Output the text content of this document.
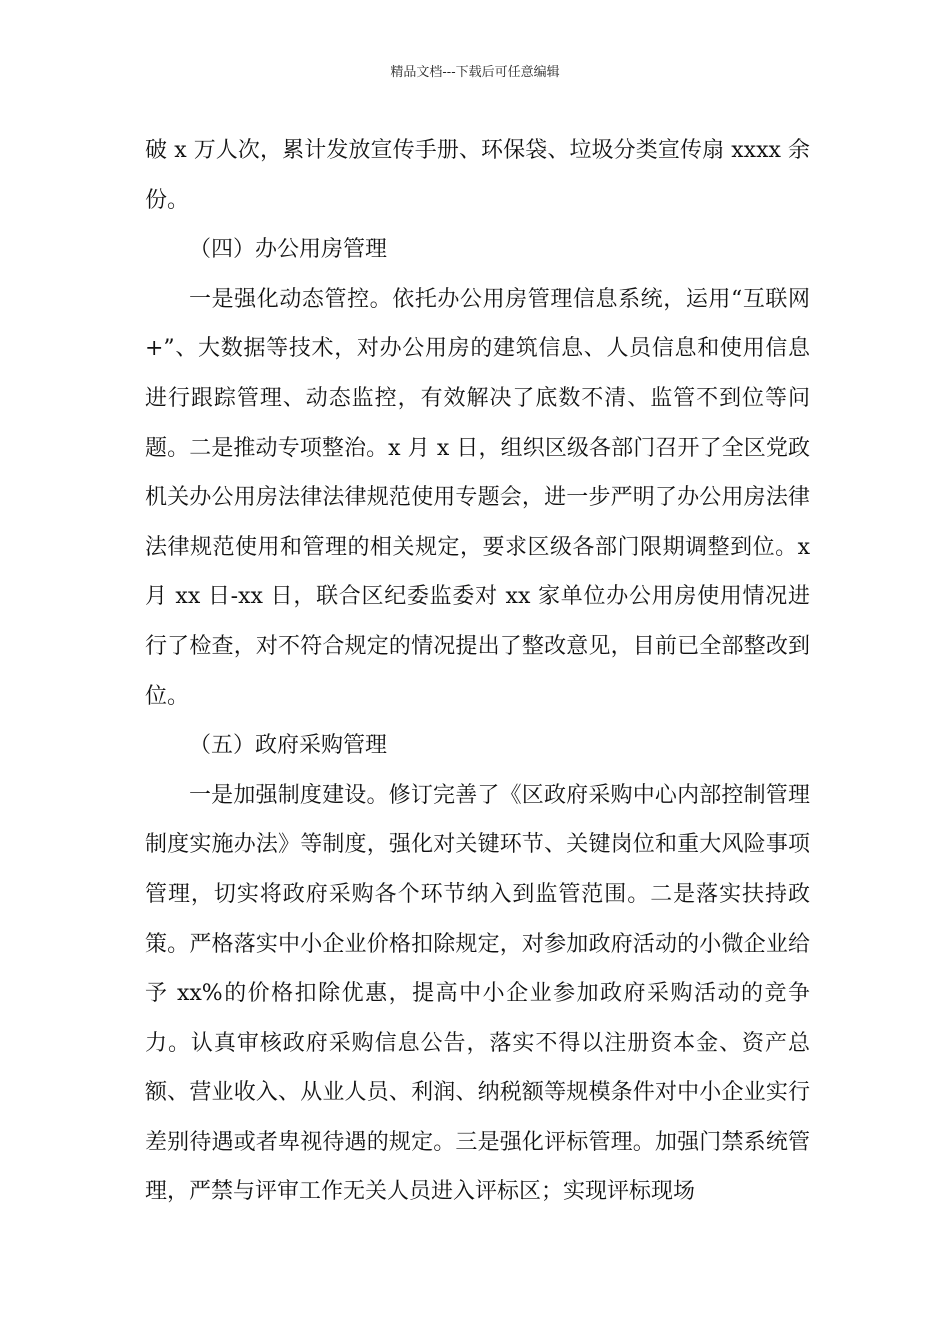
精品文档---下载后可任意编辑

破 x 万人次，累计发放宣传手册、环保袋、垃圾分类宣传扇 xxxx 余份。

（四）办公用房管理

一是强化动态管控。依托办公用房管理信息系统，运用“互联网+”、大数据等技术，对办公用房的建筑信息、人员信息和使用信息进行跟踪管理、动态监控，有效解决了底数不清、监管不到位等问题。二是推动专项整治。x 月 x 日，组织区级各部门召开了全区党政机关办公用房法律法律规范使用专题会，进一步严明了办公用房法律法律规范使用和管理的相关规定，要求区级各部门限期调整到位。x 月 xx 日-xx 日，联合区纪委监委对 xx 家单位办公用房使用情况进行了检查，对不符合规定的情况提出了整改意见，目前已全部整改到位。

（五）政府采购管理

一是加强制度建设。修订完善了《区政府采购中心内部控制管理制度实施办法》等制度，强化对关键环节、关键岗位和重大风险事项管理，切实将政府采购各个环节纳入到监管范围。二是落实扶持政策。严格落实中小企业价格扣除规定，对参加政府活动的小微企业给予 xx%的价格扣除优惠，提高中小企业参加政府采购活动的竞争力。认真审核政府采购信息公告，落实不得以注册资本金、资产总额、营业收入、从业人员、利润、纳税额等规模条件对中小企业实行差别待遇或者卑视待遇的规定。三是强化评标管理。加强门禁系统管理，严禁与评审工作无关人员进入评标区；实现评标现场
